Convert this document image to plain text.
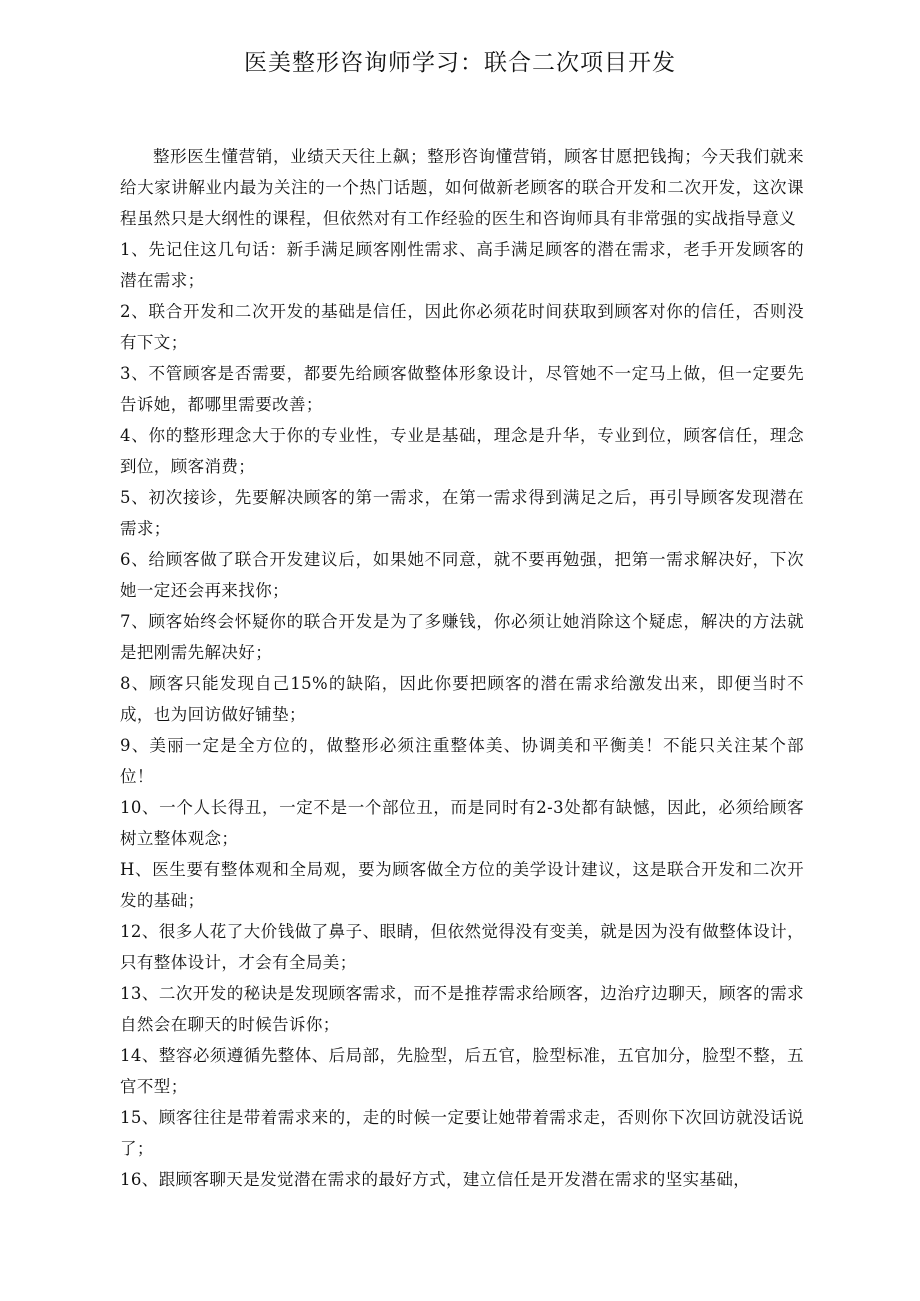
医美整形咨询师学习：联合二次项目开发

整形医生懂营销，业绩天天往上飙；整形咨询懂营销，顾客甘愿把钱掏；今天我们就来给大家讲解业内最为关注的一个热门话题，如何做新老顾客的联合开发和二次开发，这次课程虽然只是大纲性的课程，但依然对有工作经验的医生和咨询师具有非常强的实战指导意义

1、先记住这几句话：新手满足顾客刚性需求、高手满足顾客的潜在需求，老手开发顾客的潜在需求；

2、联合开发和二次开发的基础是信任，因此你必须花时间获取到顾客对你的信任，否则没有下文；

3、不管顾客是否需要，都要先给顾客做整体形象设计，尽管她不一定马上做，但一定要先告诉她，都哪里需要改善；

4、你的整形理念大于你的专业性，专业是基础，理念是升华，专业到位，顾客信任，理念到位，顾客消费；

5、初次接诊，先要解决顾客的第一需求，在第一需求得到满足之后，再引导顾客发现潜在需求；

6、给顾客做了联合开发建议后，如果她不同意，就不要再勉强，把第一需求解决好，下次她一定还会再来找你；

7、顾客始终会怀疑你的联合开发是为了多赚钱，你必须让她消除这个疑虑，解决的方法就是把刚需先解决好；

8、顾客只能发现自己15%的缺陷，因此你要把顾客的潜在需求给激发出来，即便当时不成，也为回访做好铺垫；

9、美丽一定是全方位的，做整形必须注重整体美、协调美和平衡美！不能只关注某个部位！

10、一个人长得丑，一定不是一个部位丑，而是同时有2-3处都有缺憾，因此，必须给顾客树立整体观念；

H、医生要有整体观和全局观，要为顾客做全方位的美学设计建议，这是联合开发和二次开发的基础；

12、很多人花了大价钱做了鼻子、眼睛，但依然觉得没有变美，就是因为没有做整体设计，只有整体设计，才会有全局美；

13、二次开发的秘诀是发现顾客需求，而不是推荐需求给顾客，边治疗边聊天，顾客的需求自然会在聊天的时候告诉你；

14、整容必须遵循先整体、后局部，先脸型，后五官，脸型标准，五官加分，脸型不整，五官不型；

15、顾客往往是带着需求来的，走的时候一定要让她带着需求走，否则你下次回访就没话说了；

16、跟顾客聊天是发觉潜在需求的最好方式，建立信任是开发潜在需求的坚实基础，
